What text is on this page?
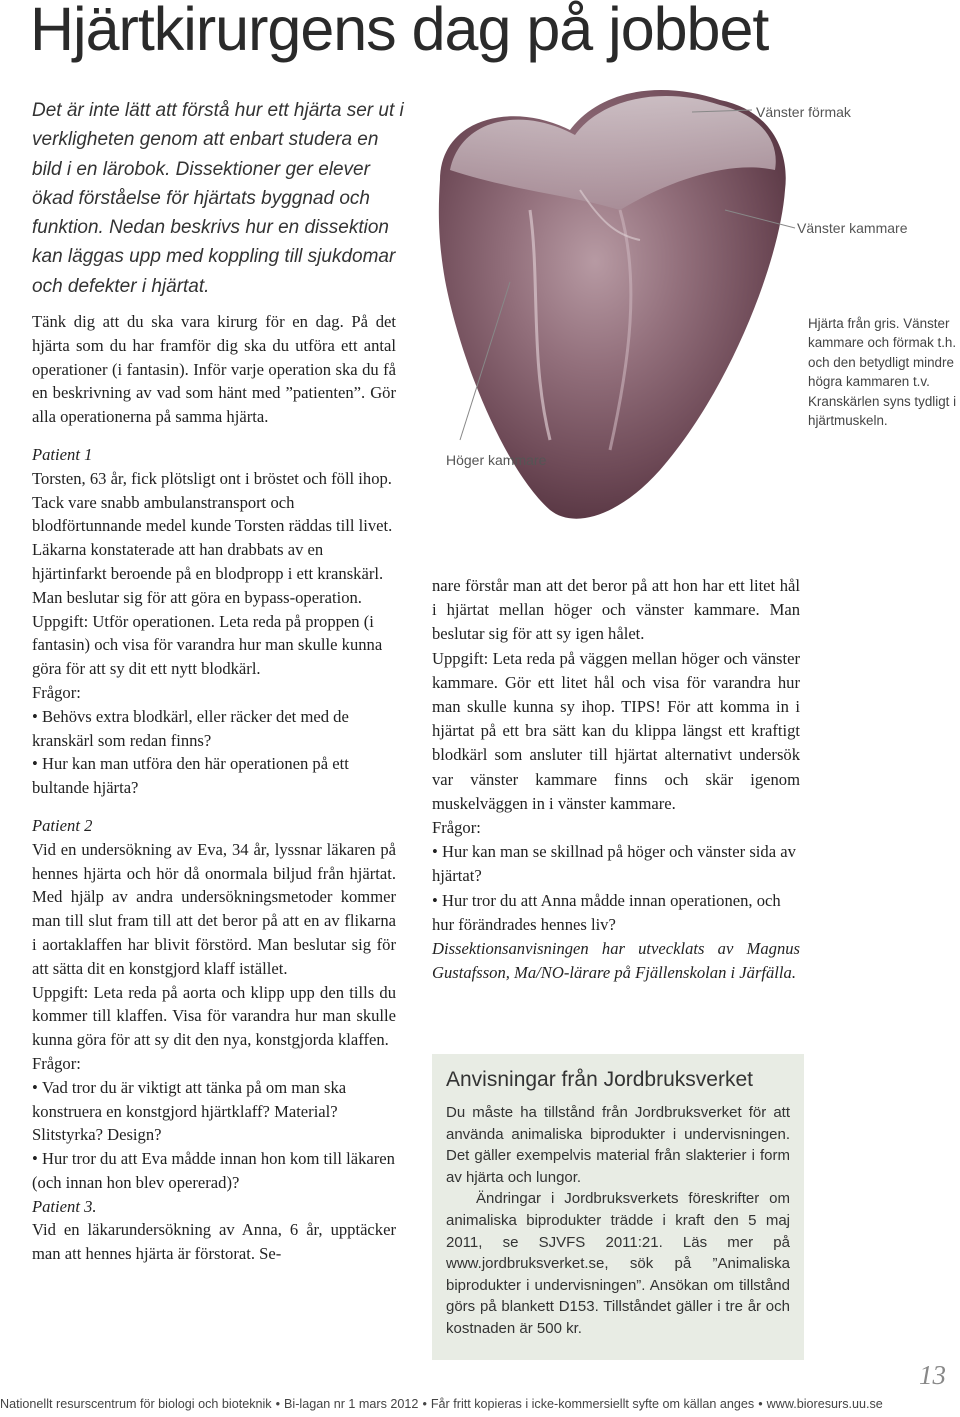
Hjärtkirurgens dag på jobbet

Det är inte lätt att förstå hur ett hjärta ser ut i verkligheten genom att enbart studera en bild i en lärobok. Dissektioner ger elever ökad förståelse för hjärtats byggnad och funktion. Nedan beskrivs hur en dissektion kan läggas upp med koppling till sjukdomar och defekter i hjärtat.

Tänk dig att du ska vara kirurg för en dag. På det hjärta som du har framför dig ska du utföra ett antal operationer (i fantasin). Inför varje operation ska du få en beskrivning av vad som hänt med ”patienten”. Gör alla operationerna på samma hjärta.

Patient 1

Torsten, 63 år, fick plötsligt ont i bröstet och föll ihop. Tack vare snabb ambulanstransport och blodförtunnande medel kunde Torsten räddas till livet. Läkarna konstaterade att han drabbats av en hjärtinfarkt beroende på en blodpropp i ett kranskärl. Man beslutar sig för att göra en bypass-operation.

Uppgift: Utför operationen. Leta reda på proppen (i fantasin) och visa för varandra hur man skulle kunna göra för att sy dit ett nytt blodkärl.

Frågor:

• Behövs extra blodkärl, eller räcker det med de kranskärl som redan finns?

• Hur kan man utföra den här operationen på ett bultande hjärta?

Patient 2

Vid en undersökning av Eva, 34 år, lyssnar läkaren på hennes hjärta och hör då onormala biljud från hjärtat. Med hjälp av andra undersökningsmetoder kommer man till slut fram till att det beror på att en av flikarna i aortaklaffen har blivit förstörd. Man beslutar sig för att sätta dit en konstgjord klaff istället.

Uppgift: Leta reda på aorta och klipp upp den tills du kommer till klaffen. Visa för varandra hur man skulle kunna göra för att sy dit den nya, konstgjorda klaffen.

Frågor:

• Vad tror du är viktigt att tänka på om man ska konstruera en konstgjord hjärtklaff? Material? Slitstyrka? Design?

• Hur tror du att Eva mådde innan hon kom till läkaren (och innan hon blev opererad)?

Patient 3.

Vid en läkarundersökning av Anna, 6 år, upptäcker man att hennes hjärta är förstorat. Se-

Vänster förmak
Vänster kammare
Höger kammare

Hjärta från gris. Vänster kammare och förmak t.h. och den betydligt mindre högra kammaren t.v. Kranskärlen syns tydligt i hjärtmuskeln.

nare förstår man att det beror på att hon har ett litet hål i hjärtat mellan höger och vänster kammare. Man beslutar sig för att sy igen hålet.

Uppgift: Leta reda på väggen mellan höger och vänster kammare. Gör ett litet hål och visa för varandra hur man skulle kunna sy ihop. TIPS! För att komma in i hjärtat på ett bra sätt kan du klippa längst ett kraftigt blodkärl som ansluter till hjärtat alternativt undersök var vänster kammare finns och skär igenom muskelväggen in i vänster kammare.

Frågor:

• Hur kan man se skillnad på höger och vänster sida av hjärtat?

• Hur tror du att Anna mådde innan operationen, och hur förändrades hennes liv?

Dissektionsanvisningen har utvecklats av Magnus Gustafsson, Ma/NO-lärare på Fjällenskolan i Järfälla.

Anvisningar från Jordbruksverket

Du måste ha tillstånd från Jordbruksverket för att använda animaliska biprodukter i undervisningen. Det gäller exempelvis material från slakterier i form av hjärta och lungor.

Ändringar i Jordbruksverkets föreskrifter om animaliska biprodukter trädde i kraft den 5 maj 2011, se SJVFS 2011:21. Läs mer på www.jordbruksverket.se, sök på ”Animaliska biprodukter i undervisningen”. Ansökan om tillstånd görs på blankett D153. Tillståndet gäller i tre år och kostnaden är 500 kr.

Nationellt resurscentrum för biologi och bioteknik • Bi-lagan nr 1 mars 2012 • Får fritt kopieras i icke-kommersiellt syfte om källan anges • www.bioresurs.uu.se
13
